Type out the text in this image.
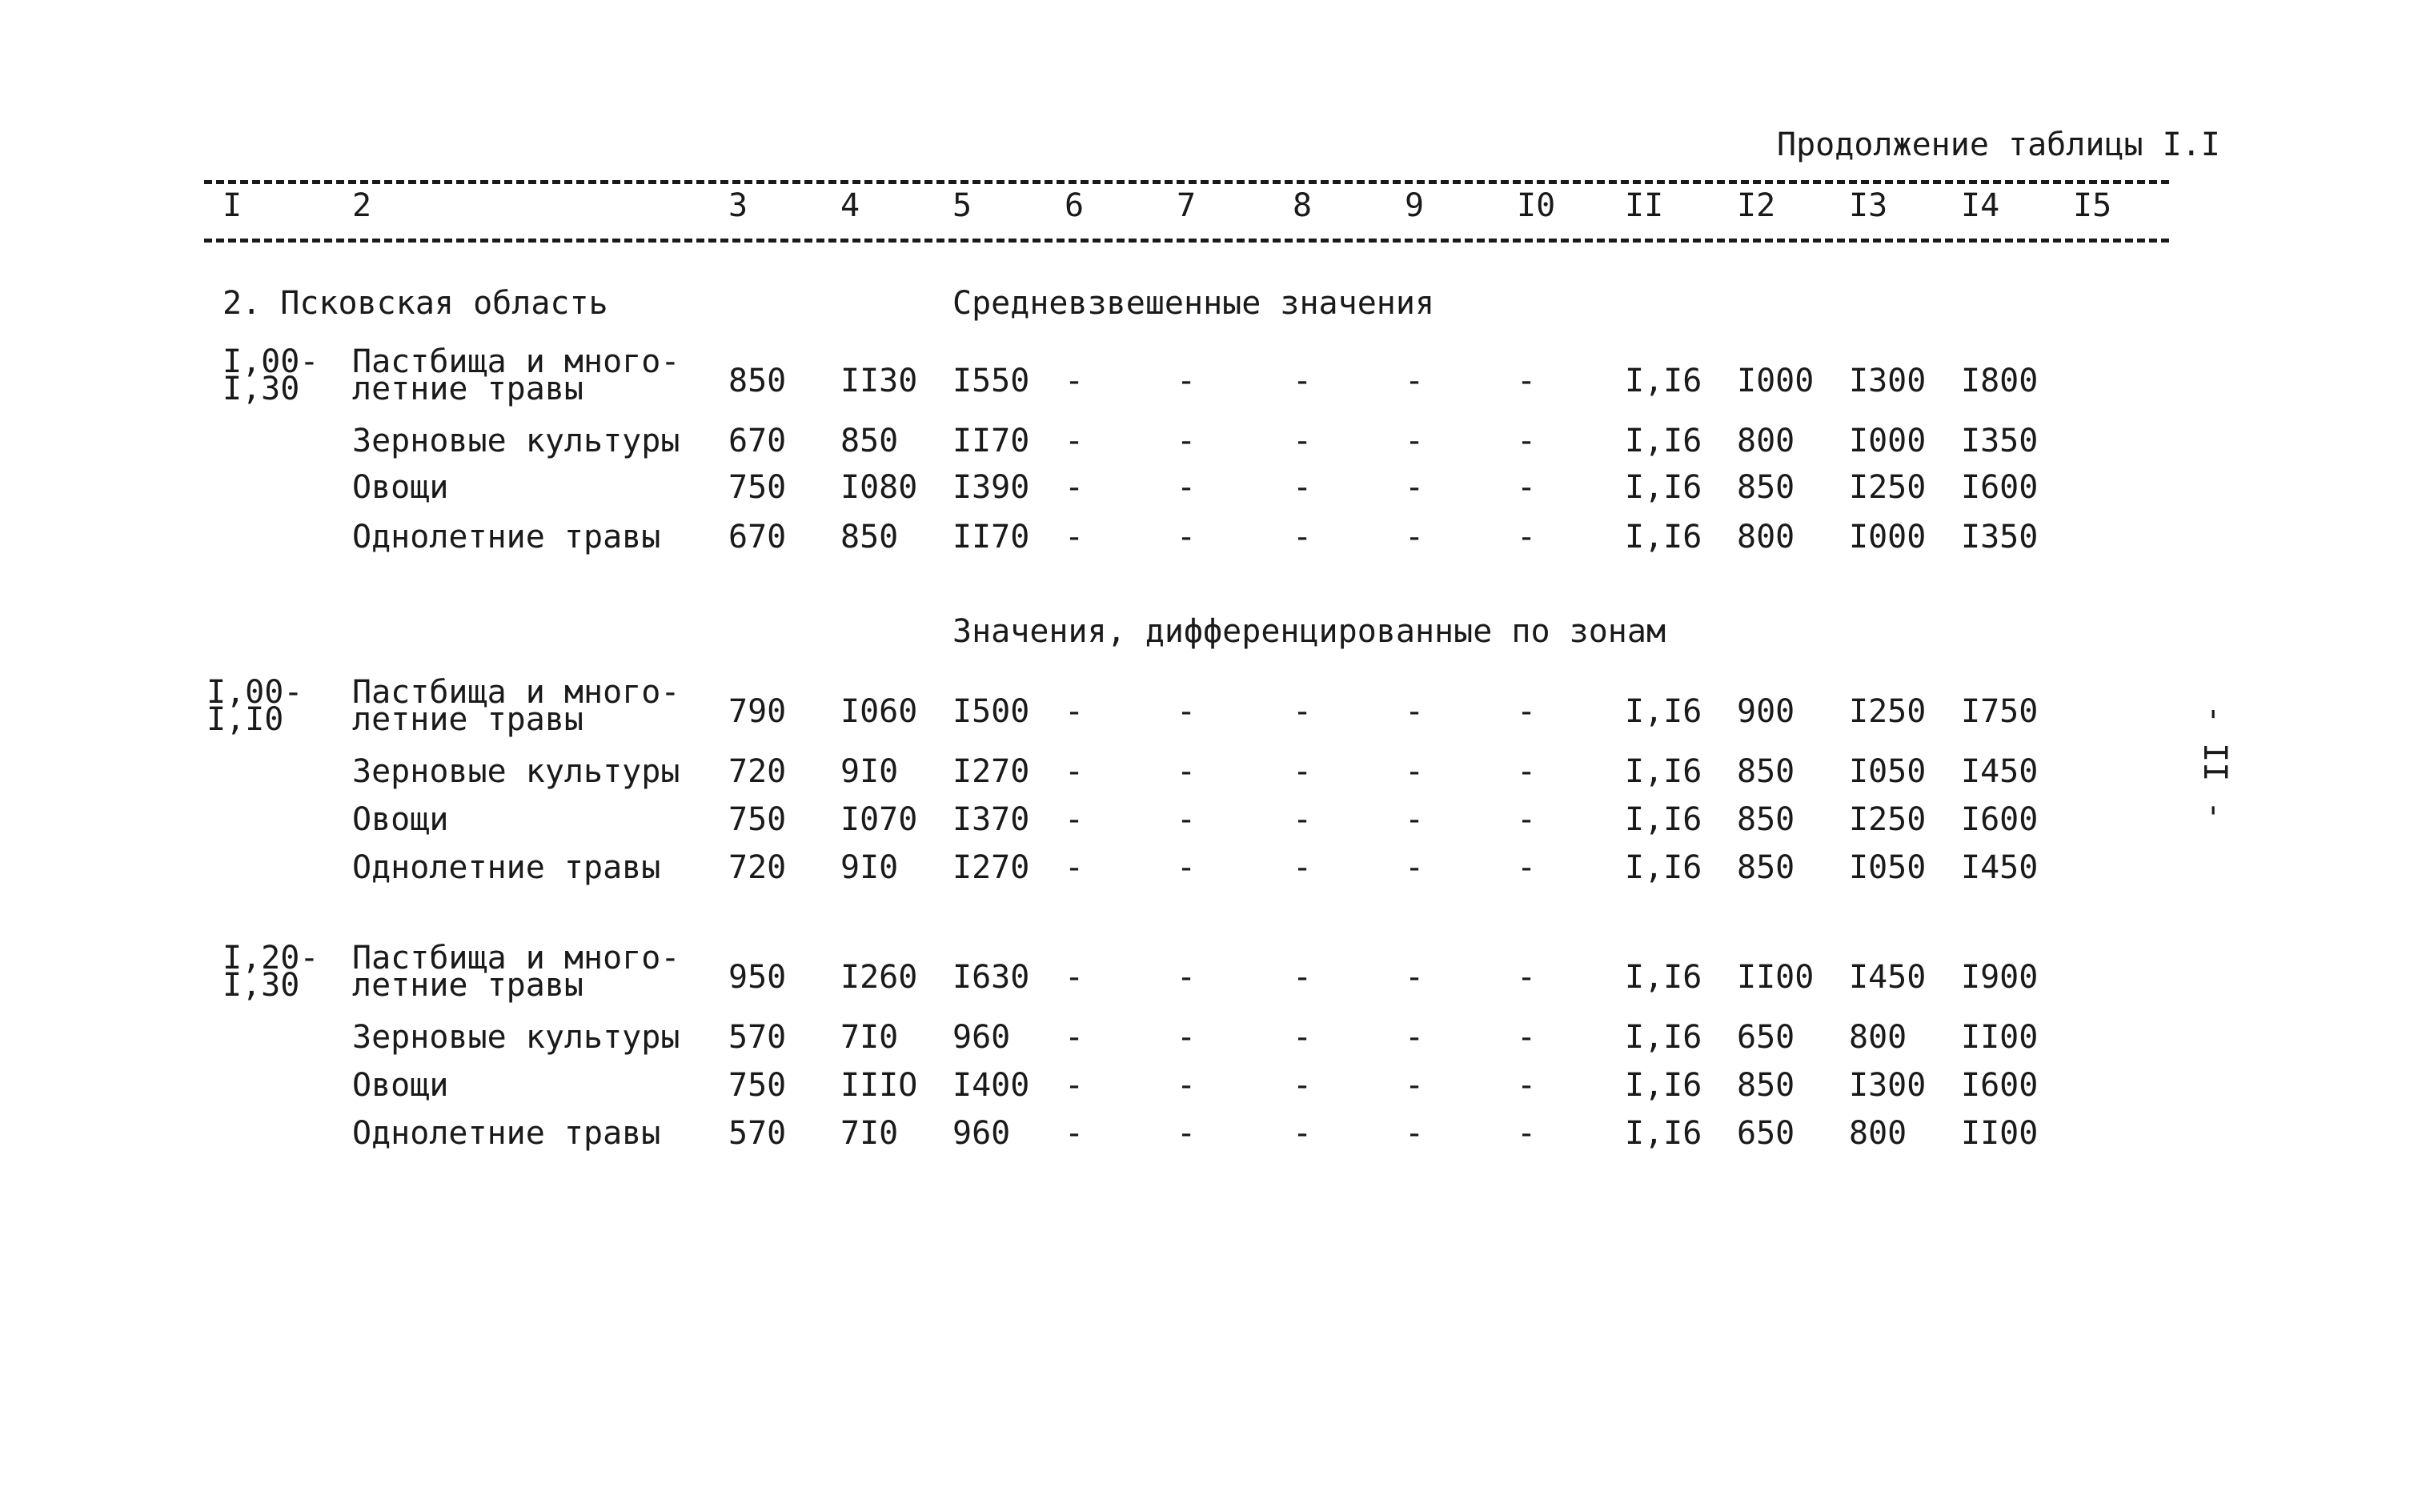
Продолжение таблицы I.I
I	2	3	4	5	6	7	8	9	I0 II I2 I3 I4 I5
2. Псковская область	Средневзвешенные значения
I,00-
I,30
Пастбища и много-
летние травы	850 II30 I550 -	-	-	-	-	I,I6 I000 I300 I800
Зерновые культуры 670 850 II70 -	-	-	-	-	I,I6 800 I000 I350
Овощи	750 I080 I390 -	-	-	-	-	I,I6 850 I250 I600
Однолетние травы 670 850 II70 -	-	-	-	-	I,I6 800 I000 I350
Значения, дифференцированные по зонам
I,00-
I,I0
Пастбища и много-
летние травы	790 I060 I500 -	-	-	-	-	I,I6 900 I250 I750
Зерновые культуры 720 9I0 I270 -	-	-	-	-	I,I6 850 I050 I450
Овощи	750 I070 I370 -	-	-	-	-	I,I6 850 I250 I600
Однолетние травы 720 9I0 I270 -	-	-	-	-	I,I6 850 I050 I450
I,20-
I,30
Пастбища и много-
летние травы	950 I260 I630 -	-	-	-	-	I,I6 II00 I450 I900
Зерновые культуры 570 7I0 960 -	-	-	-	-	I,I6 650 800 II00
Овощи	750 IIIO I400 -	-	-	-	-	I,I6 850 I300 I600
Однолетние травы 570 7I0 960 -	-	-	-	-	I,I6 650 800 II00
- II -
